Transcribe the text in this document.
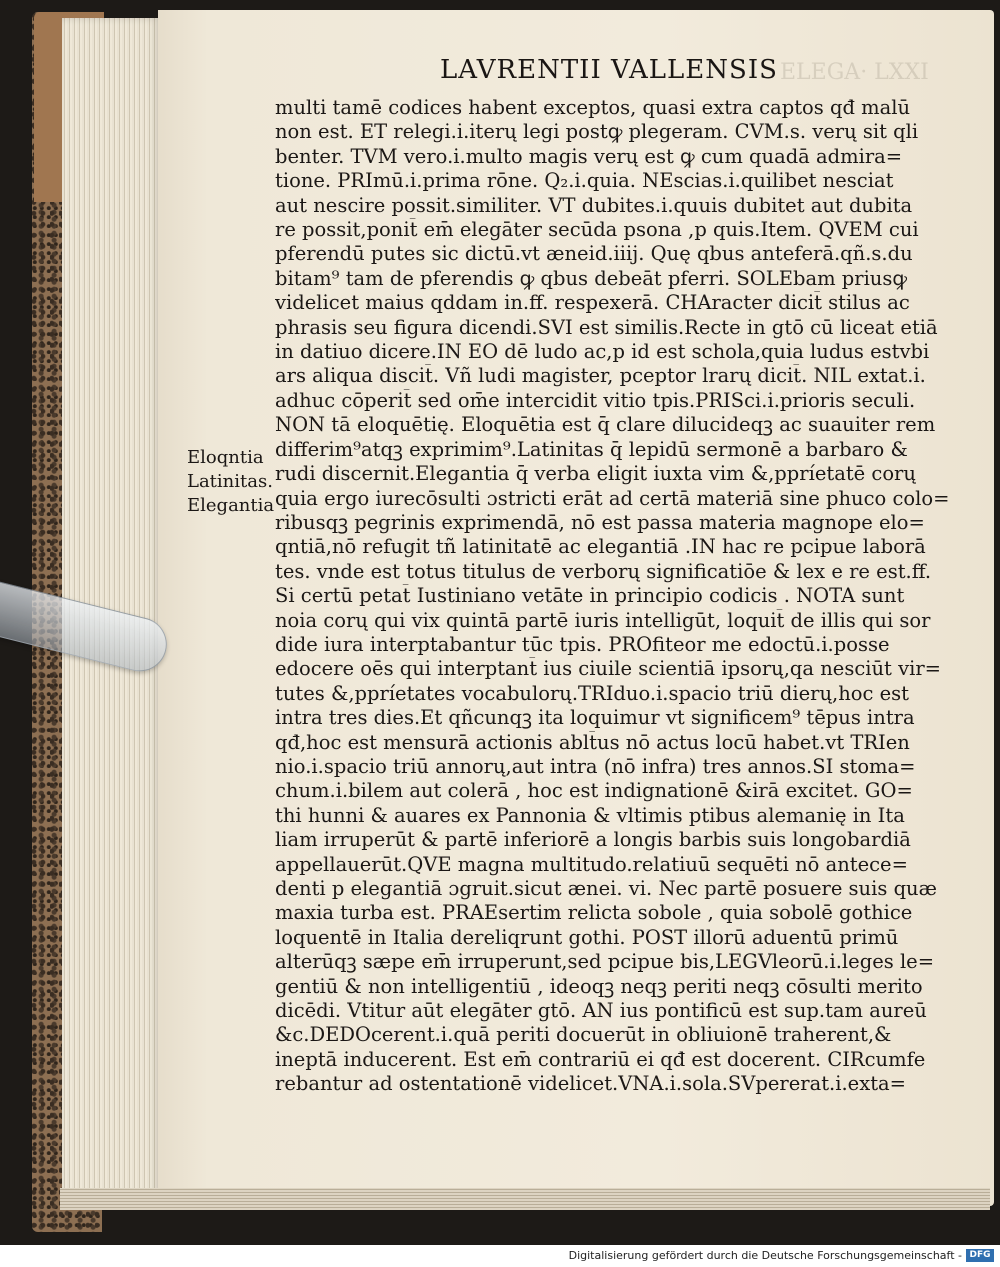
ELEGA· LXXI
LAVRENTII VALLENSIS
Eloqntia
Latinitas.
Elegantia
multi tamē codices habent exceptos, quasi extra captos qđ malū
non est. ET relegi.i.iterų legi postꝙ plegeram. CVM.s. verų sit qli
benter. TVM vero.i.multo magis verų est ꝙ cum quadā admira=
tione. PRImū.i.prima rōne. Q₂.i.quia. NEscias.i.quilibet nesciat
aut nescire possit.similiter. VT dubites.i.quuis dubitet aut dubita
re possit,ponit̄ em̄ elegāter secūda psona ,p quis.Item. QVEM cui
pferendū putes sic dictū.vt æneid.iiij. Quę qbus anteferā.qñ.s.du
bitam⁹ tam de pferendis ꝙ qbus debeāt pferri. SOLEbam priusꝙ
videlicet maius qddam in.ff. respexerā. CHAracter dicit̄ stilus ac
phrasis seu figura dicendi.SVI est similis.Recte in gtō cū liceat etiā
in datiuo dicere.IN EO dē ludo ac,p id est schola,quia ludus estvbi
ars aliqua discit̄. Vñ ludi magister, pceptor lrarų dicit̄. NIL extat.i.
adhuc cōperit̄ sed om̄e intercidit vitio tpis.PRISci.i.prioris seculi.
NON tā eloquētię. Eloquētia est q̄ clare dilucideqꝫ ac suauiter rem
differim⁹atqꝫ exprimim⁹.Latinitas q̄ lepidū sermonē a barbaro &
rudi discernit.Elegantia q̄ verba eligit iuxta vim &,ppríetatē corų
quia ergo iurecōsulti ɔstricti erāt ad certā materiā sine phuco colo=
ribusqꝫ pegrinis exprimendā, nō est passa materia magnope elo=
qntiā,nō refugit tñ latinitatē ac elegantiā .IN hac re pcipue laborā
tes. vnde est totus titulus de verborų significatiōe & lex e re est.ff.
Si certū petat̄ Iustiniano vetāte in principio codicis . NOTA sunt
noia corų qui vix quintā partē iuris intelligūt, loquit̄ de illis qui sor
dide iura interptabantur tūc tpis. PROfiteor me edoctū.i.posse
edocere oēs qui interptant̄ ius ciuile scientiā ipsorų,qa nesciūt vir=
tutes &,ppríetates vocabulorų.TRIduo.i.spacio triū dierų,hoc est
intra tres dies.Et qñcunqꝫ ita loquimur vt significem⁹ tēpus intra
qđ,hoc est mensurā actionis ablt̄us nō actus locū habet.vt TRIen
nio.i.spacio triū annorų,aut intra (nō infra) tres annos.SI stoma=
chum.i.bilem aut colerā , hoc est indignationē &irā excitet. GO=
thi hunni & auares ex Pannonia & vltimis ptibus alemanię in Ita
liam irruperūt & partē inferiorē a longis barbis suis longobardiā
appellauerūt.QVE magna multitudo.relatiuū sequēti nō antece=
denti p elegantiā ɔgruit.sicut ænei. vi. Nec partē posuere suis quæ
maxia turba est. PRAEsertim relicta sobole , quia sobolē gothice
loquentē in Italia dereliqrunt gothi. POST illorū aduentū primū
alterūqꝫ sæpe em̄ irruperunt,sed pcipue bis,LEGVleorū.i.leges le=
gentiū & non intelligentiū , ideoqꝫ neqꝫ periti neqꝫ cōsulti merito
dicēdi. Vtitur aūt elegāter gtō. AN ius pontificū est sup.tam aureū
&c.DEDOcerent.i.quā periti docuerūt in obliuionē traherent,&
ineptā inducerent. Est em̄ contrariū ei qđ est docerent. CIRcumfe
rebantur ad ostentationē videlicet.VNA.i.sola.SVpererat.i.exta=
Digitalisierung gefördert durch die Deutsche Forschungsgemeinschaft - DFG
